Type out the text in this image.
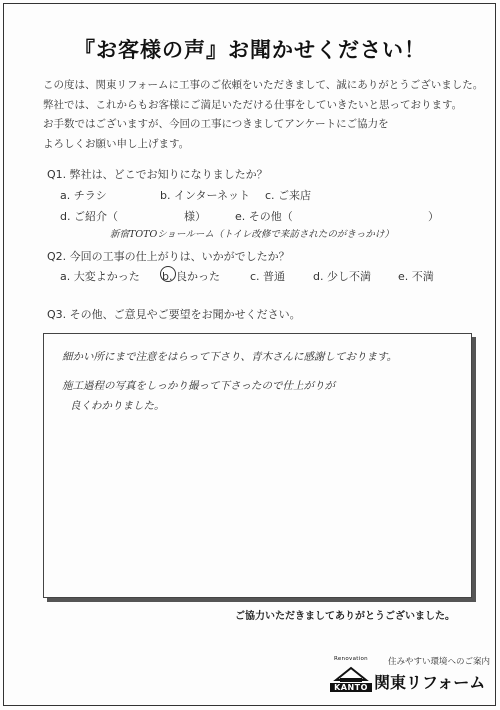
『お客様の声』お聞かせください！
この度は、関東リフォームに工事のご依頼をいただきまして、誠にありがとうございました。
弊社では、これからもお客様にご満足いただける仕事をしていきたいと思っております。
お手数ではございますが、今回の工事につきましてアンケートにご協力を
よろしくお願い申し上げます。
Q1. 弊社は、どこでお知りになりましたか？
a. チラシ	b. インターネット c. ご来店
d. ご紹介（	様）	e. その他（	）
新宿TOTOショールーム（トイレ改修で来訪されたのがきっかけ）
Q2. 今回の工事の仕上がりは、いかがでしたか？
a. 大変よかった b. 良かった	c. 普通	d. 少し不満 e. 不満
Q3. その他、ご意見やご要望をお聞かせください。
細かい所にまで注意をはらって下さり、青木さんに感謝しております。
施工過程の写真をしっかり撮って下さったので仕上がりが
良くわかりました。
ご協力いただきましてありがとうございました。
Renovation
KANTO
住みやすい環境へのご案内
関東リフォーム
